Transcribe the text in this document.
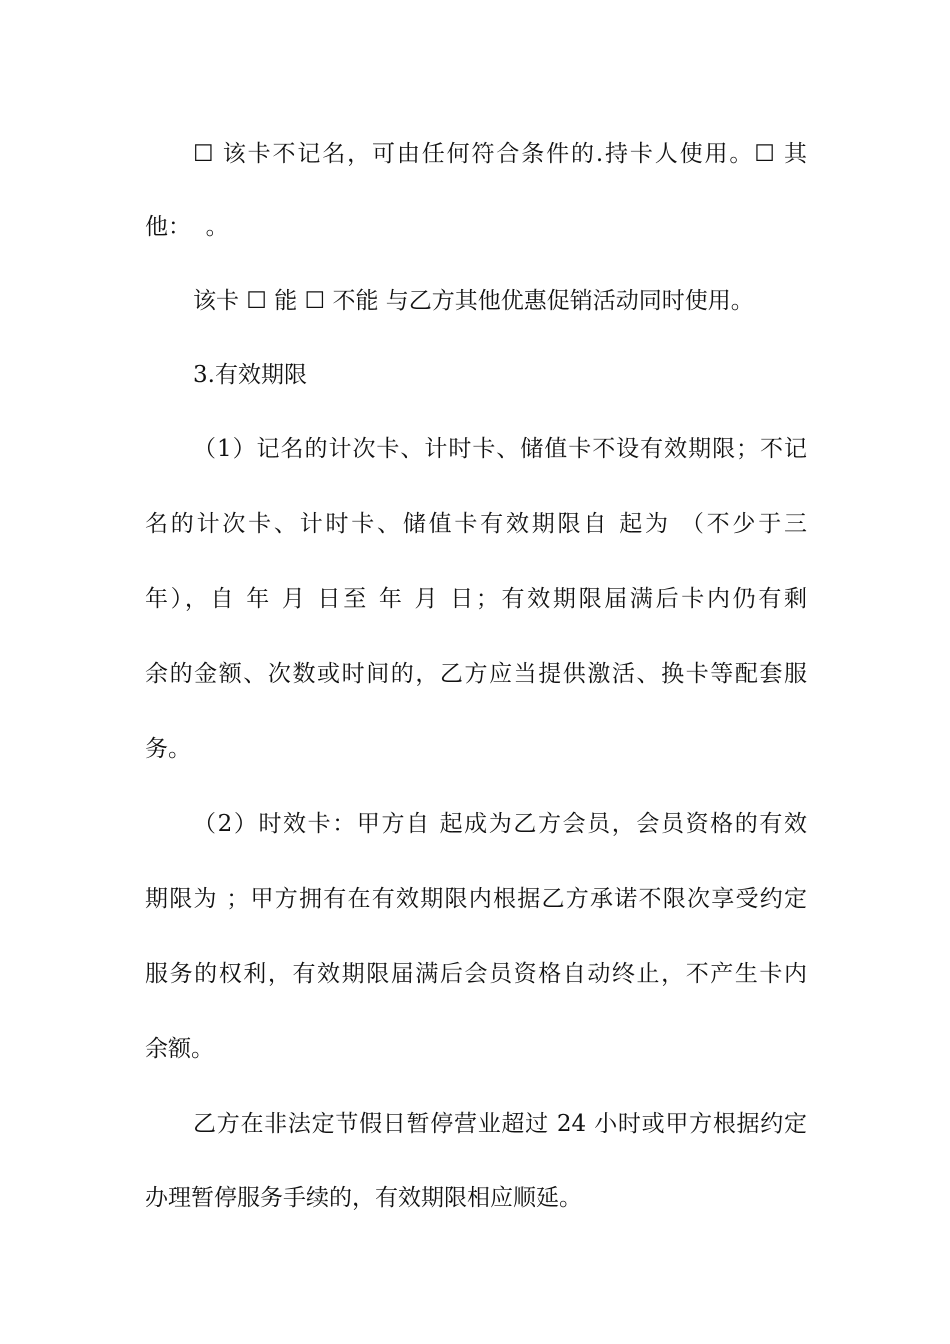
☐ 该卡不记名，可由任何符合条件的.持卡人使用。☐ 其
他：  。
该卡 ☐ 能 ☐ 不能 与乙方其他优惠促销活动同时使用。
3.有效期限
（1）记名的计次卡、计时卡、储值卡不设有效期限；不记
名的计次卡、计时卡、储值卡有效期限自 起为 （不少于三
年），自 年 月 日至 年 月 日；有效期限届满后卡内仍有剩
余的金额、次数或时间的，乙方应当提供激活、换卡等配套服
务。
（2）时效卡：甲方自 起成为乙方会员，会员资格的有效
期限为 ；甲方拥有在有效期限内根据乙方承诺不限次享受约定
服务的权利，有效期限届满后会员资格自动终止，不产生卡内
余额。
乙方在非法定节假日暂停营业超过 24 小时或甲方根据约定
办理暂停服务手续的，有效期限相应顺延。
